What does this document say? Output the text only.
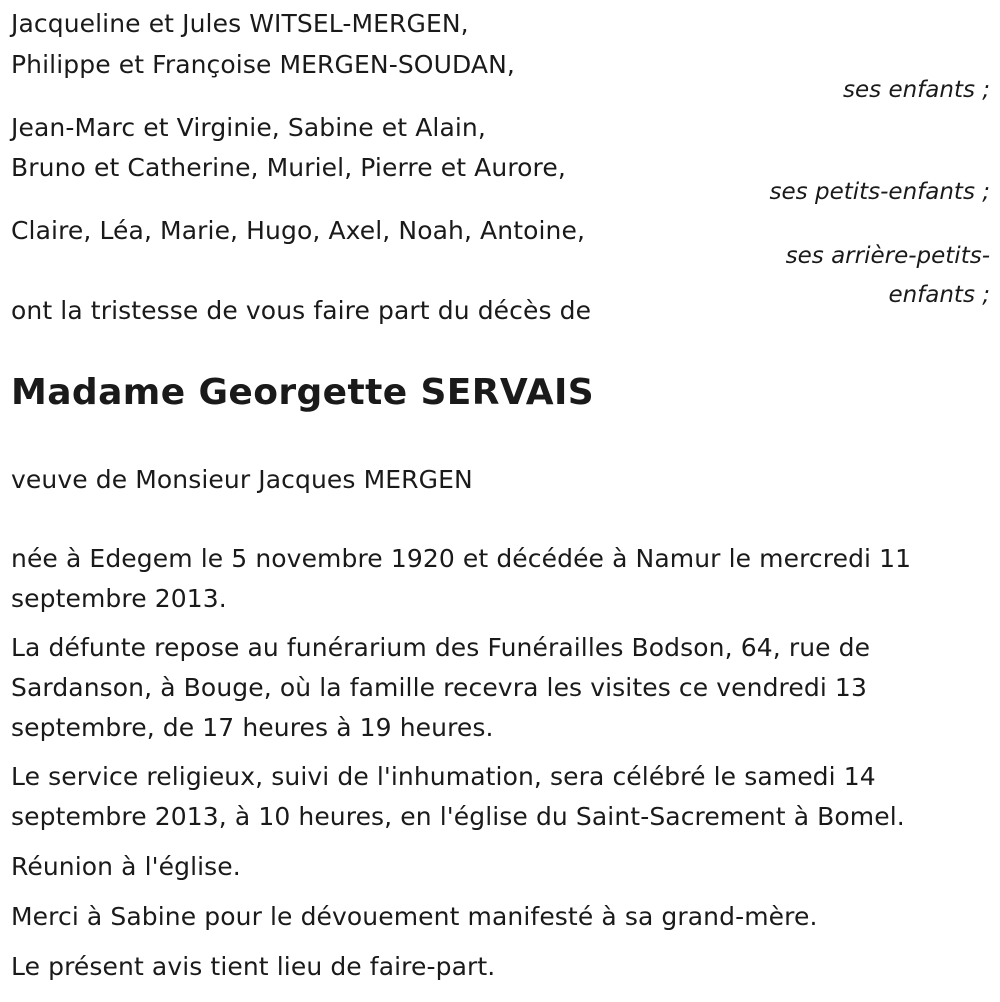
Jacqueline et Jules WITSEL-MERGEN,
Philippe et Françoise MERGEN-SOUDAN,
ses enfants ;
Jean-Marc et Virginie, Sabine et Alain,
Bruno et Catherine, Muriel, Pierre et Aurore,
ses petits-enfants ;
Claire, Léa, Marie, Hugo, Axel, Noah, Antoine,
ses arrière-petits-
enfants ;
ont la tristesse de vous faire part du décès de
Madame Georgette SERVAIS
veuve de Monsieur Jacques MERGEN
née à Edegem le 5 novembre 1920 et décédée à Namur le mercredi 11 septembre 2013.
La défunte repose au funérarium des Funérailles Bodson, 64, rue de Sardanson, à Bouge, où la famille recevra les visites ce vendredi 13 septembre, de 17 heures à 19 heures.
Le service religieux, suivi de l'inhumation, sera célébré le samedi 14 septembre 2013, à 10 heures, en l'église du Saint-Sacrement à Bomel.
Réunion à l'église.
Merci à Sabine pour le dévouement manifesté à sa grand-mère.
Le présent avis tient lieu de faire-part.
